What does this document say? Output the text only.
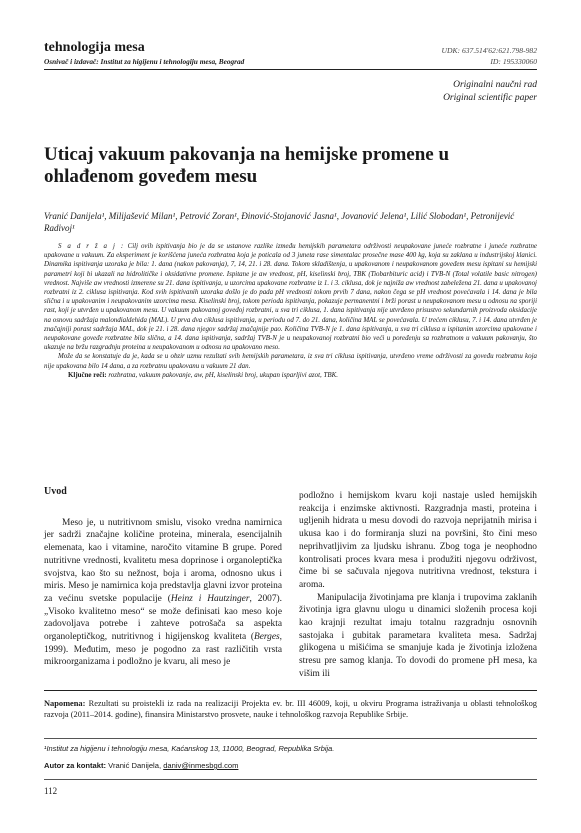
tehnologija mesa
Osnivač i izdavač: Institut za higijenu i tehnologiju mesa, Beograd
UDK: 637.514'62:621.798-982
ID: 195330060
Originalni naučni rad
Original scientific paper
Uticaj vakuum pakovanja na hemijske promene u ohlađenom goveđem mesu
Vranić Danijela¹, Milijašević Milan¹, Petrović Zoran¹, Đinović-Stojanović Jasna¹, Jovanović Jelena¹, Lilić Slobodan¹, Petronijević Radivoj¹

S a d r ž a j : Cilj ovih ispitivanja bio je da se ustanove razlike između hemijskih parametara održivosti neupakovane juneće rozbratne i juneće rozbratne upakovane u vakuum. Za eksperiment je korišćena juneća rozbratna koja je poticala od 3 juneta rase simentalac prosečne mase 400 kg, koja su zaklana u industrijskoj klanici. Dinamika ispitivanja uzoraka je bila: 1. dana (nakon pakovanja), 7, 14, 21. i 28. dana. Tokom skladištenja, u upakovanom i neupakovanom goveđem mesu ispitani su hemijski parametri koji bi ukazali na hidrolitičke i oksidativne promene. Ispitane je aw vrednost, pH, kiselinski broj, TBK (Tiobarbituric acid) i TVB-N (Total volatile basic nitrogen) vrednost. Najviše aw vrednosti izmerene su 21. dana ispitivanja, u uzorcima upakovane rozbratne iz 1. i 3. ciklusa, dok je najniža aw vrednost zabeležena 21. dana u upakovanoj rozbratni iz 2. ciklusa ispitivanja. Kod svih ispitivanih uzoraka došlo je do pada pH vrednosti tokom prvih 7 dana, nakon čega se pH vrednost povećavala i 14. dana je bila slična i u upakovanim i neupakovanim uzorcima mesa. Kiselinski broj, tokom perioda ispitivanja, pokazuje permanentni i brži porast u neupakovanom mesu u odnosu na sporiji rast, koji je utvrđen u upakovanom mesu. U vakuum pakovanoj goveđoj rozbratni, u sva tri ciklusa, 1. dana ispitivanja nije utvrđeno prisustvo sekundarnih proizvoda oksidacije na osnovu sadržaja malondialdehida (MAL). U prva dva ciklusa ispitivanja, u periodu od 7. do 21. dana, količina MAL se povećavala. U trećem ciklusu, 7. i 14. dana utvrđen je značajniji porast sadržaja MAL, dok je 21. i 28. dana njegov sadržaj značajnije pao. Količina TVB-N je 1. dana ispitivanja, u sva tri ciklusa u ispitanim uzorcima upakovane i neupakovane goveđe rozbratne bila slična, a 14. dana ispitivanja, sadržaj TVB-N je u neupakovanoj rozbratni bio veći u poređenju sa rozbratnom u vakuum pakovanju, što ukazuje na bržu razgradnju proteina u neupakovanom u odnosu na upakovano meso.

Može da se konstatuje da je, kada se u obzir uzmu rezultati svih hemijskih parametara, iz sva tri ciklusa ispitivanja, utvrđeno vreme održivosti za goveđu rozbratnu koja nije upakovana bilo 14 dana, a za rozbratnu upakovanu u vakuum 21 dan.

Ključne reči: rozbratna, vakuum pakovanje, aw, pH, kiselinski broj, ukupan isparljivi azot, TBK.

Uvod

Meso je, u nutritivnom smislu, visoko vredna namirnica jer sadrži značajne količine proteina, minerala, esencijalnih elemenata, kao i vitamine, naročito vitamine B grupe. Pored nutritivne vrednosti, kvalitetu mesa doprinose i organoleptička svojstva, kao što su nežnost, boja i aroma, odnosno ukus i miris. Meso je namirnica koja predstavlja glavni izvor proteina za većinu svetske populacije (Heinz i Hautzinger, 2007). „Visoko kvalitetno meso“ se može definisati kao meso koje zadovoljava potrebe i zahteve potrošača sa aspekta organoleptičkog, nutritivnog i higijenskog kvaliteta (Berges, 1999). Međutim, meso je pogodno za rast različitih vrsta mikroorganizama i podložno je kvaru, ali meso je

podložno i hemijskom kvaru koji nastaje usled hemijskih reakcija i enzimske aktivnosti. Razgradnja masti, proteina i ugljenih hidrata u mesu dovodi do razvoja neprijatnih mirisa i ukusa kao i do formiranja sluzi na površini, što čini meso neprihvatljivim za ljudsku ishranu. Zbog toga je neophodno kontrolisati proces kvara mesa i produžiti njegovu održivost, čime bi se sačuvala njegova nutritivna vrednost, tekstura i aroma.

Manipulacija životinjama pre klanja i trupovima zaklanih životinja igra glavnu ulogu u dinamici složenih procesa koji kao krajnji rezultat imaju totalnu razgradnju osnovnih sastojaka i gubitak parametara kvaliteta mesa. Sadržaj glikogena u mišićima se smanjuje kada je životinja izložena stresu pre samog klanja. To dovodi do promene pH mesa, ka višim ili

Napomena: Rezultati su proistekli iz rada na realizaciji Projekta ev. br. III 46009, koji, u okviru Programa istraživanja u oblasti tehnološkog razvoja (2011–2014. godine), finansira Ministarstvo prosvete, nauke i tehnološkog razvoja Republike Srbije.
¹Institut za higijenu i tehnologiju mesa, Kaćanskog 13, 11000, Beograd, Republika Srbija.
Autor za kontakt: Vranić Danijela, daniv@inmesbgd.com
112
